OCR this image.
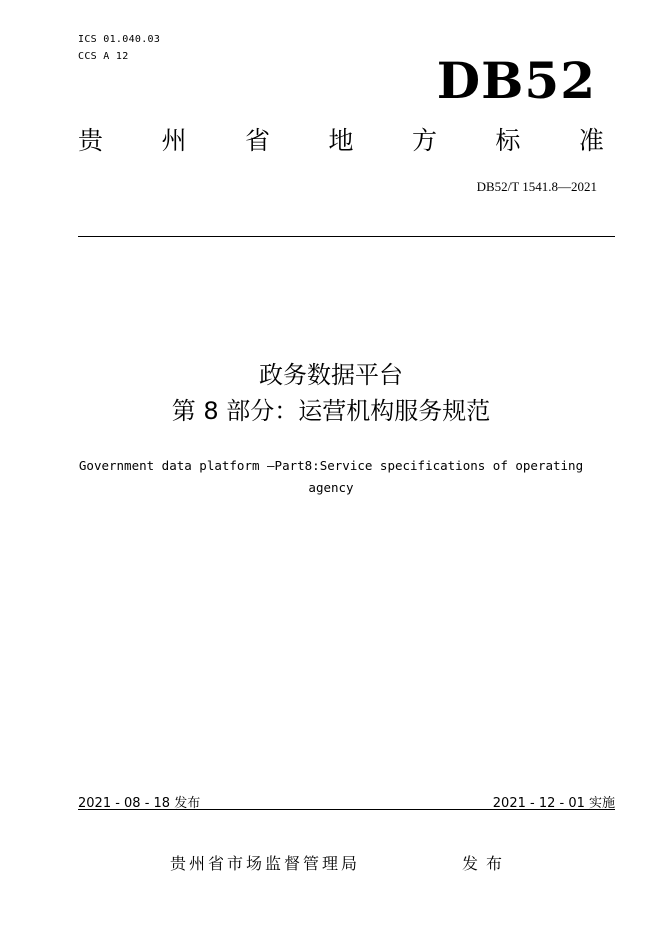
ICS 01.040.03
CCS A 12	DB52
贵 州 省 地 方 标 准
DB52/T 1541.8—2021
政务数据平台
第 8 部分：运营机构服务规范
Government data platform —Part8:Service specifications of operating agency
2021 - 08 - 18 发布	2021 - 12 - 01 实施
贵州省市场监督管理局	发布
